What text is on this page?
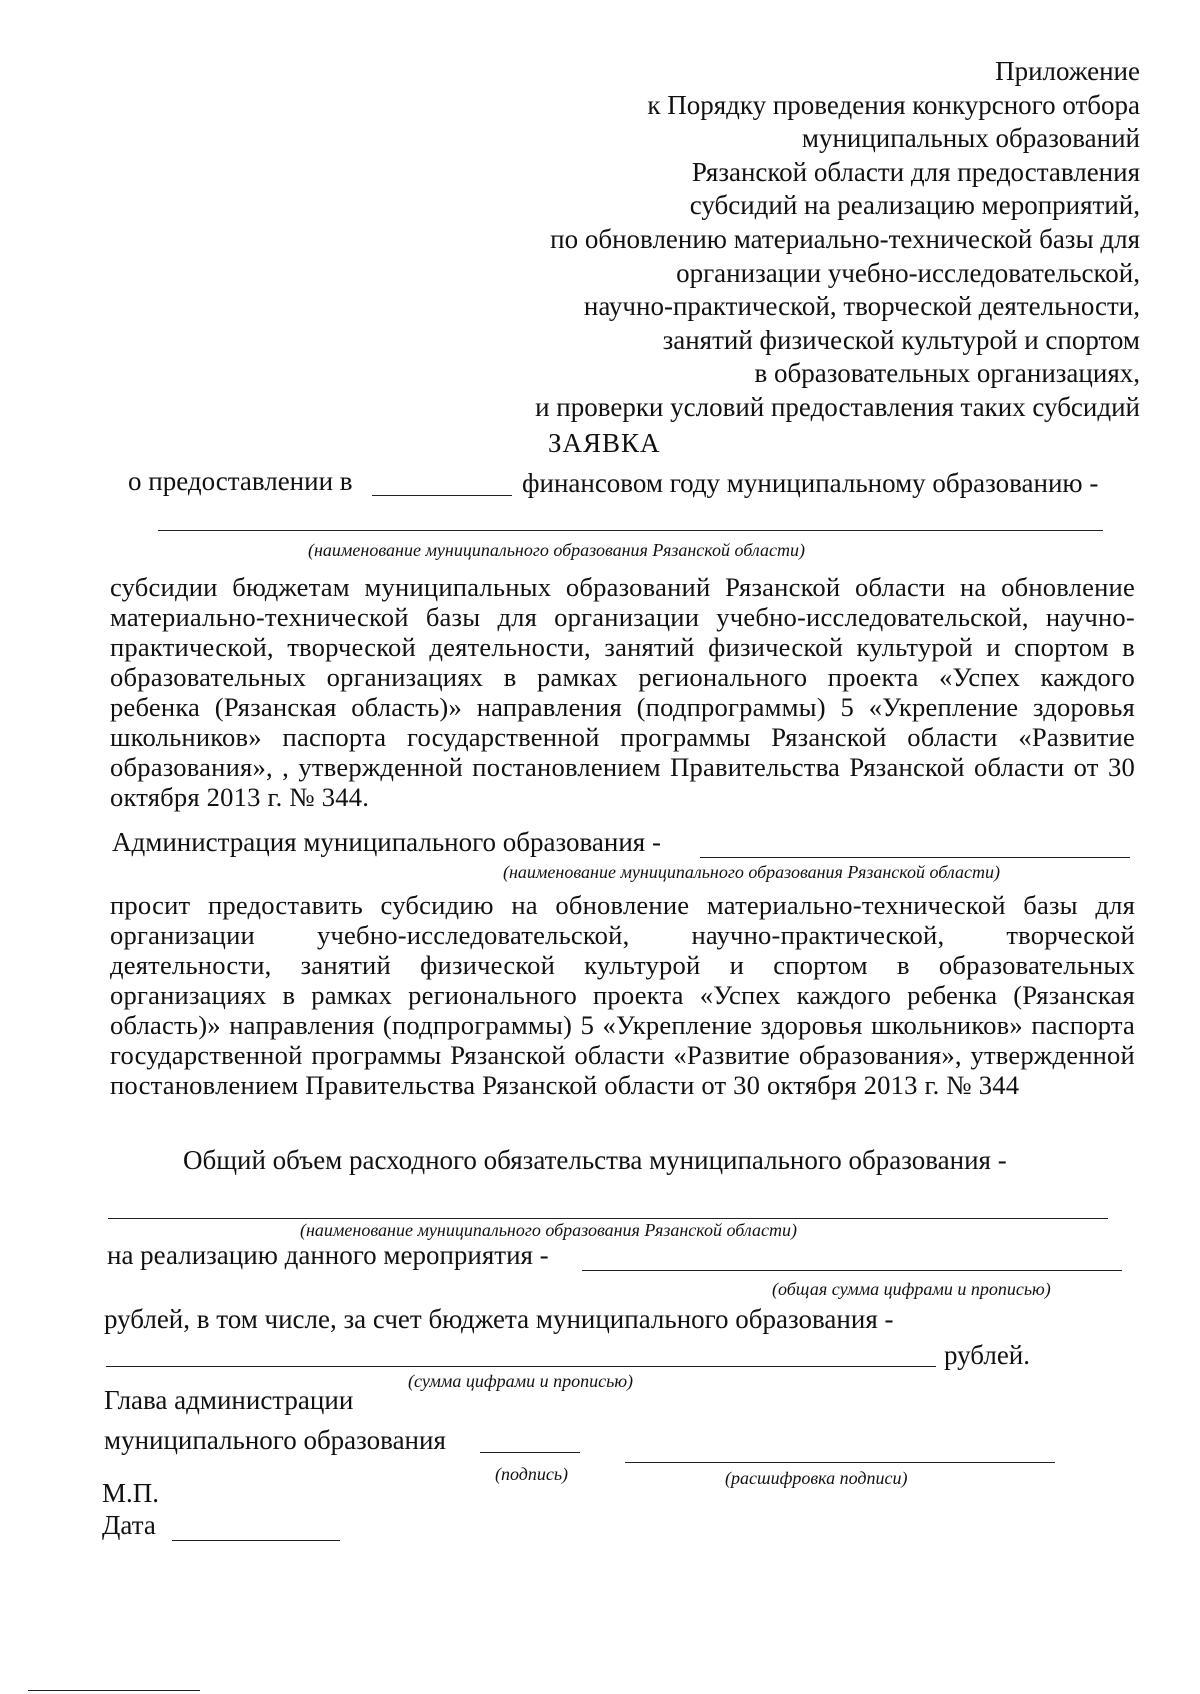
Приложение
к Порядку проведения конкурсного отбора
муниципальных образований
Рязанской области для предоставления
субсидий на реализацию мероприятий,
по обновлению материально-технической базы для
организации учебно-исследовательской,
научно-практической, творческой деятельности,
занятий физической культурой и спортом
в образовательных организациях,
и проверки условий предоставления таких субсидий
ЗАЯВКА
о предоставлении в	финансовом году муниципальному образованию -
(наименование муниципального образования Рязанской области)
субсидии бюджетам муниципальных образований Рязанской области на обновление материально-технической базы для организации учебно-исследовательской, научно-практической, творческой деятельности, занятий физической культурой и спортом в образовательных организациях в рамках регионального проекта «Успех каждого ребенка (Рязанская область)» направления (подпрограммы) 5 «Укрепление здоровья школьников» паспорта государственной программы Рязанской области «Развитие образования», , утвержденной постановлением Правительства Рязанской области от 30 октября 2013 г. № 344.
Администрация муниципального образования -
(наименование муниципального образования Рязанской области)
просит предоставить субсидию на обновление материально-технической базы для организации учебно-исследовательской, научно-практической, творческой деятельности, занятий физической культурой и спортом в образовательных организациях в рамках регионального проекта «Успех каждого ребенка (Рязанская область)» направления (подпрограммы) 5 «Укрепление здоровья школьников» паспорта государственной программы Рязанской области «Развитие образования», утвержденной постановлением Правительства Рязанской области от 30 октября 2013 г. № 344
Общий объем расходного обязательства муниципального образования -
(наименование муниципального образования Рязанской области)
на реализацию данного мероприятия -
(общая сумма цифрами и прописью)
рублей, в том числе, за счет бюджета муниципального образования -
рублей.
(сумма цифрами и прописью)
Глава администрации
муниципального образования
(подпись)	(расшифровка подписи)
М.П.
Дата
